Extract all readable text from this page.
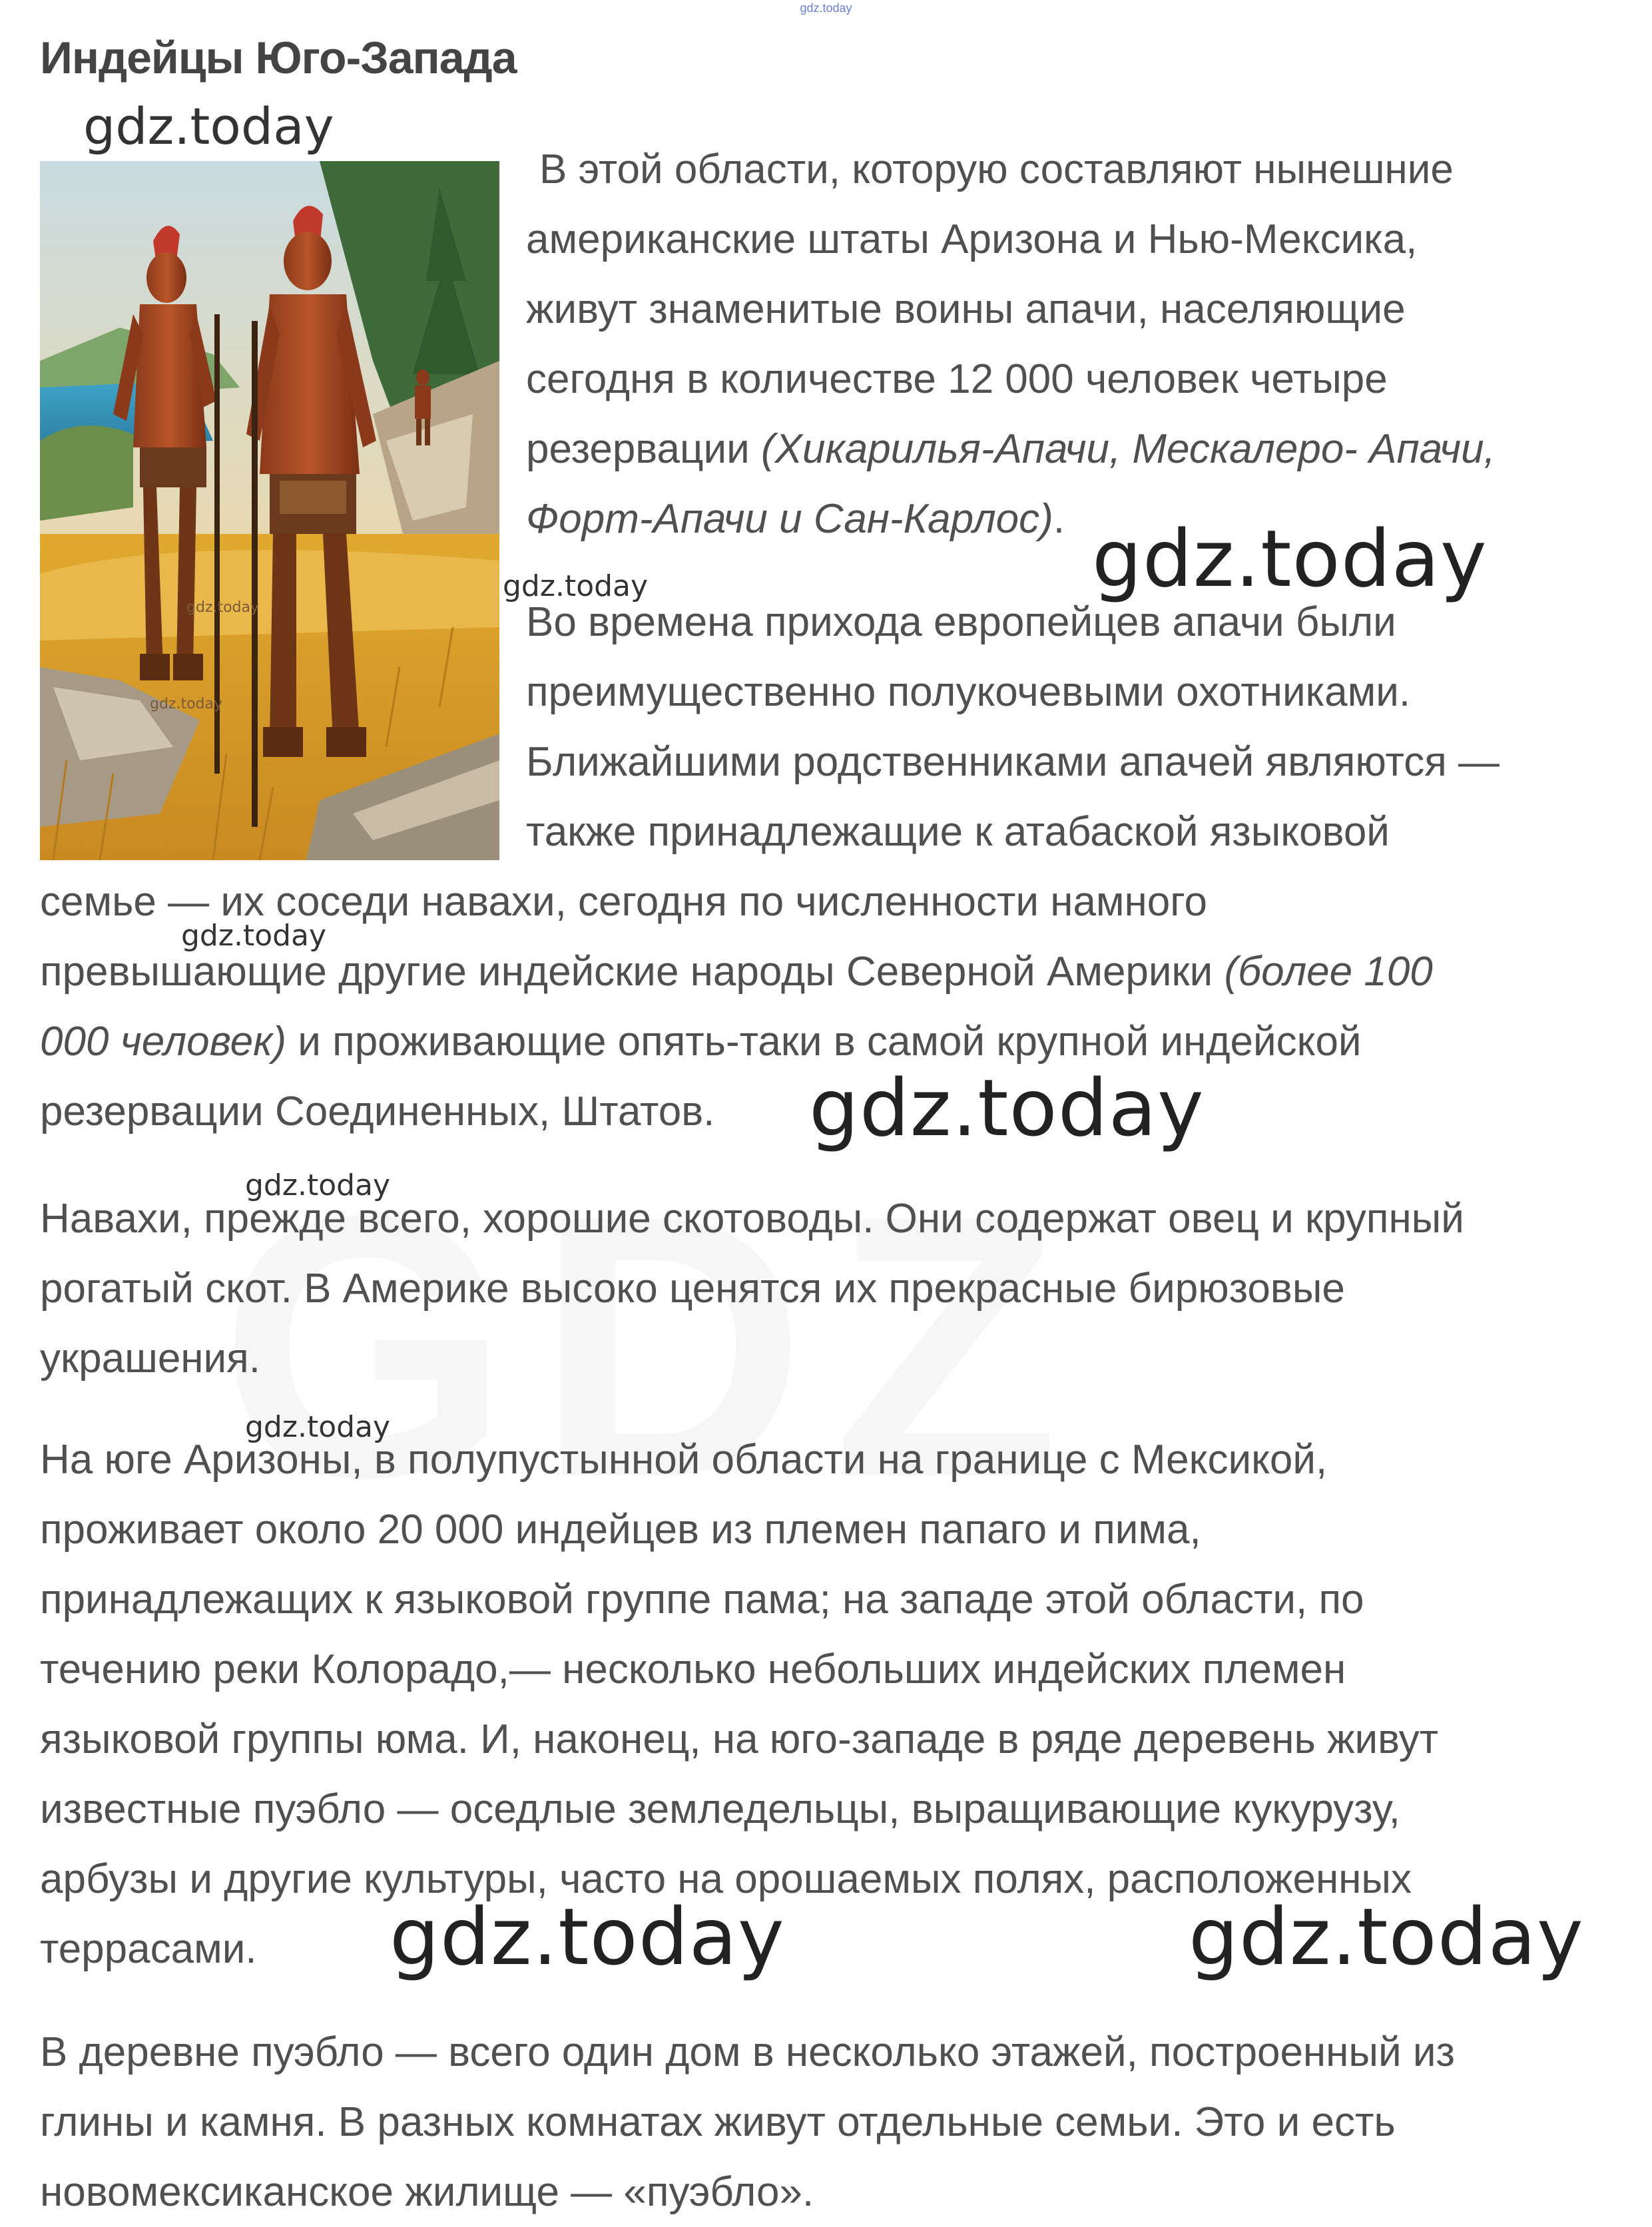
gdz.today
Индейцы Юго-Запада
gdz.today
gdz.today

В этой области, которую составляют нынешние
американские штаты Аризона и Нью-Мексика,
живут знаменитые воины апачи, населяющие
сегодня в количестве 12 000 человек четыре
резервации (Хикарилья-Апачи, Мескалеро- Апачи,
Форт-Апачи и Сан-Карлос).

Во времена прихода европейцев апачи были
преимущественно полукочевыми охотниками.
Ближайшими родственниками апачей являются —
также принадлежащие к атабаской языковой
семье — их соседи навахи, сегодня по численности намного
превышающие другие индейские народы Северной Америки (более 100
000 человек) и проживающие опять-таки в самой крупной индейской
резервации Соединенных, Штатов.

Навахи, прежде всего, хорошие скотоводы. Они содержат овец и крупный
рогатый скот. В Америке высоко ценятся их прекрасные бирюзовые
украшения.

На юге Аризоны, в полупустынной области на границе с Мексикой,
проживает около 20 000 индейцев из племен папаго и пима,
принадлежащих к языковой группе пама; на западе этой области, по
течению реки Колорадо,— несколько небольших индейских племен
языковой группы юма. И, наконец, на юго-западе в ряде деревень живут
известные пуэбло — оседлые земледельцы, выращивающие кукурузу,
арбузы и другие культуры, часто на орошаемых полях, расположенных
террасами.

В деревне пуэбло — всего один дом в несколько этажей, построенный из
глины и камня. В разных комнатах живут отдельные семьи. Это и есть
новомексиканское жилище — «пуэбло».

gdz.today
gdz.today
gdz.today
gdz.today
gdz.today
gdz.today
gdz.today
gdz.today	gdz.today
